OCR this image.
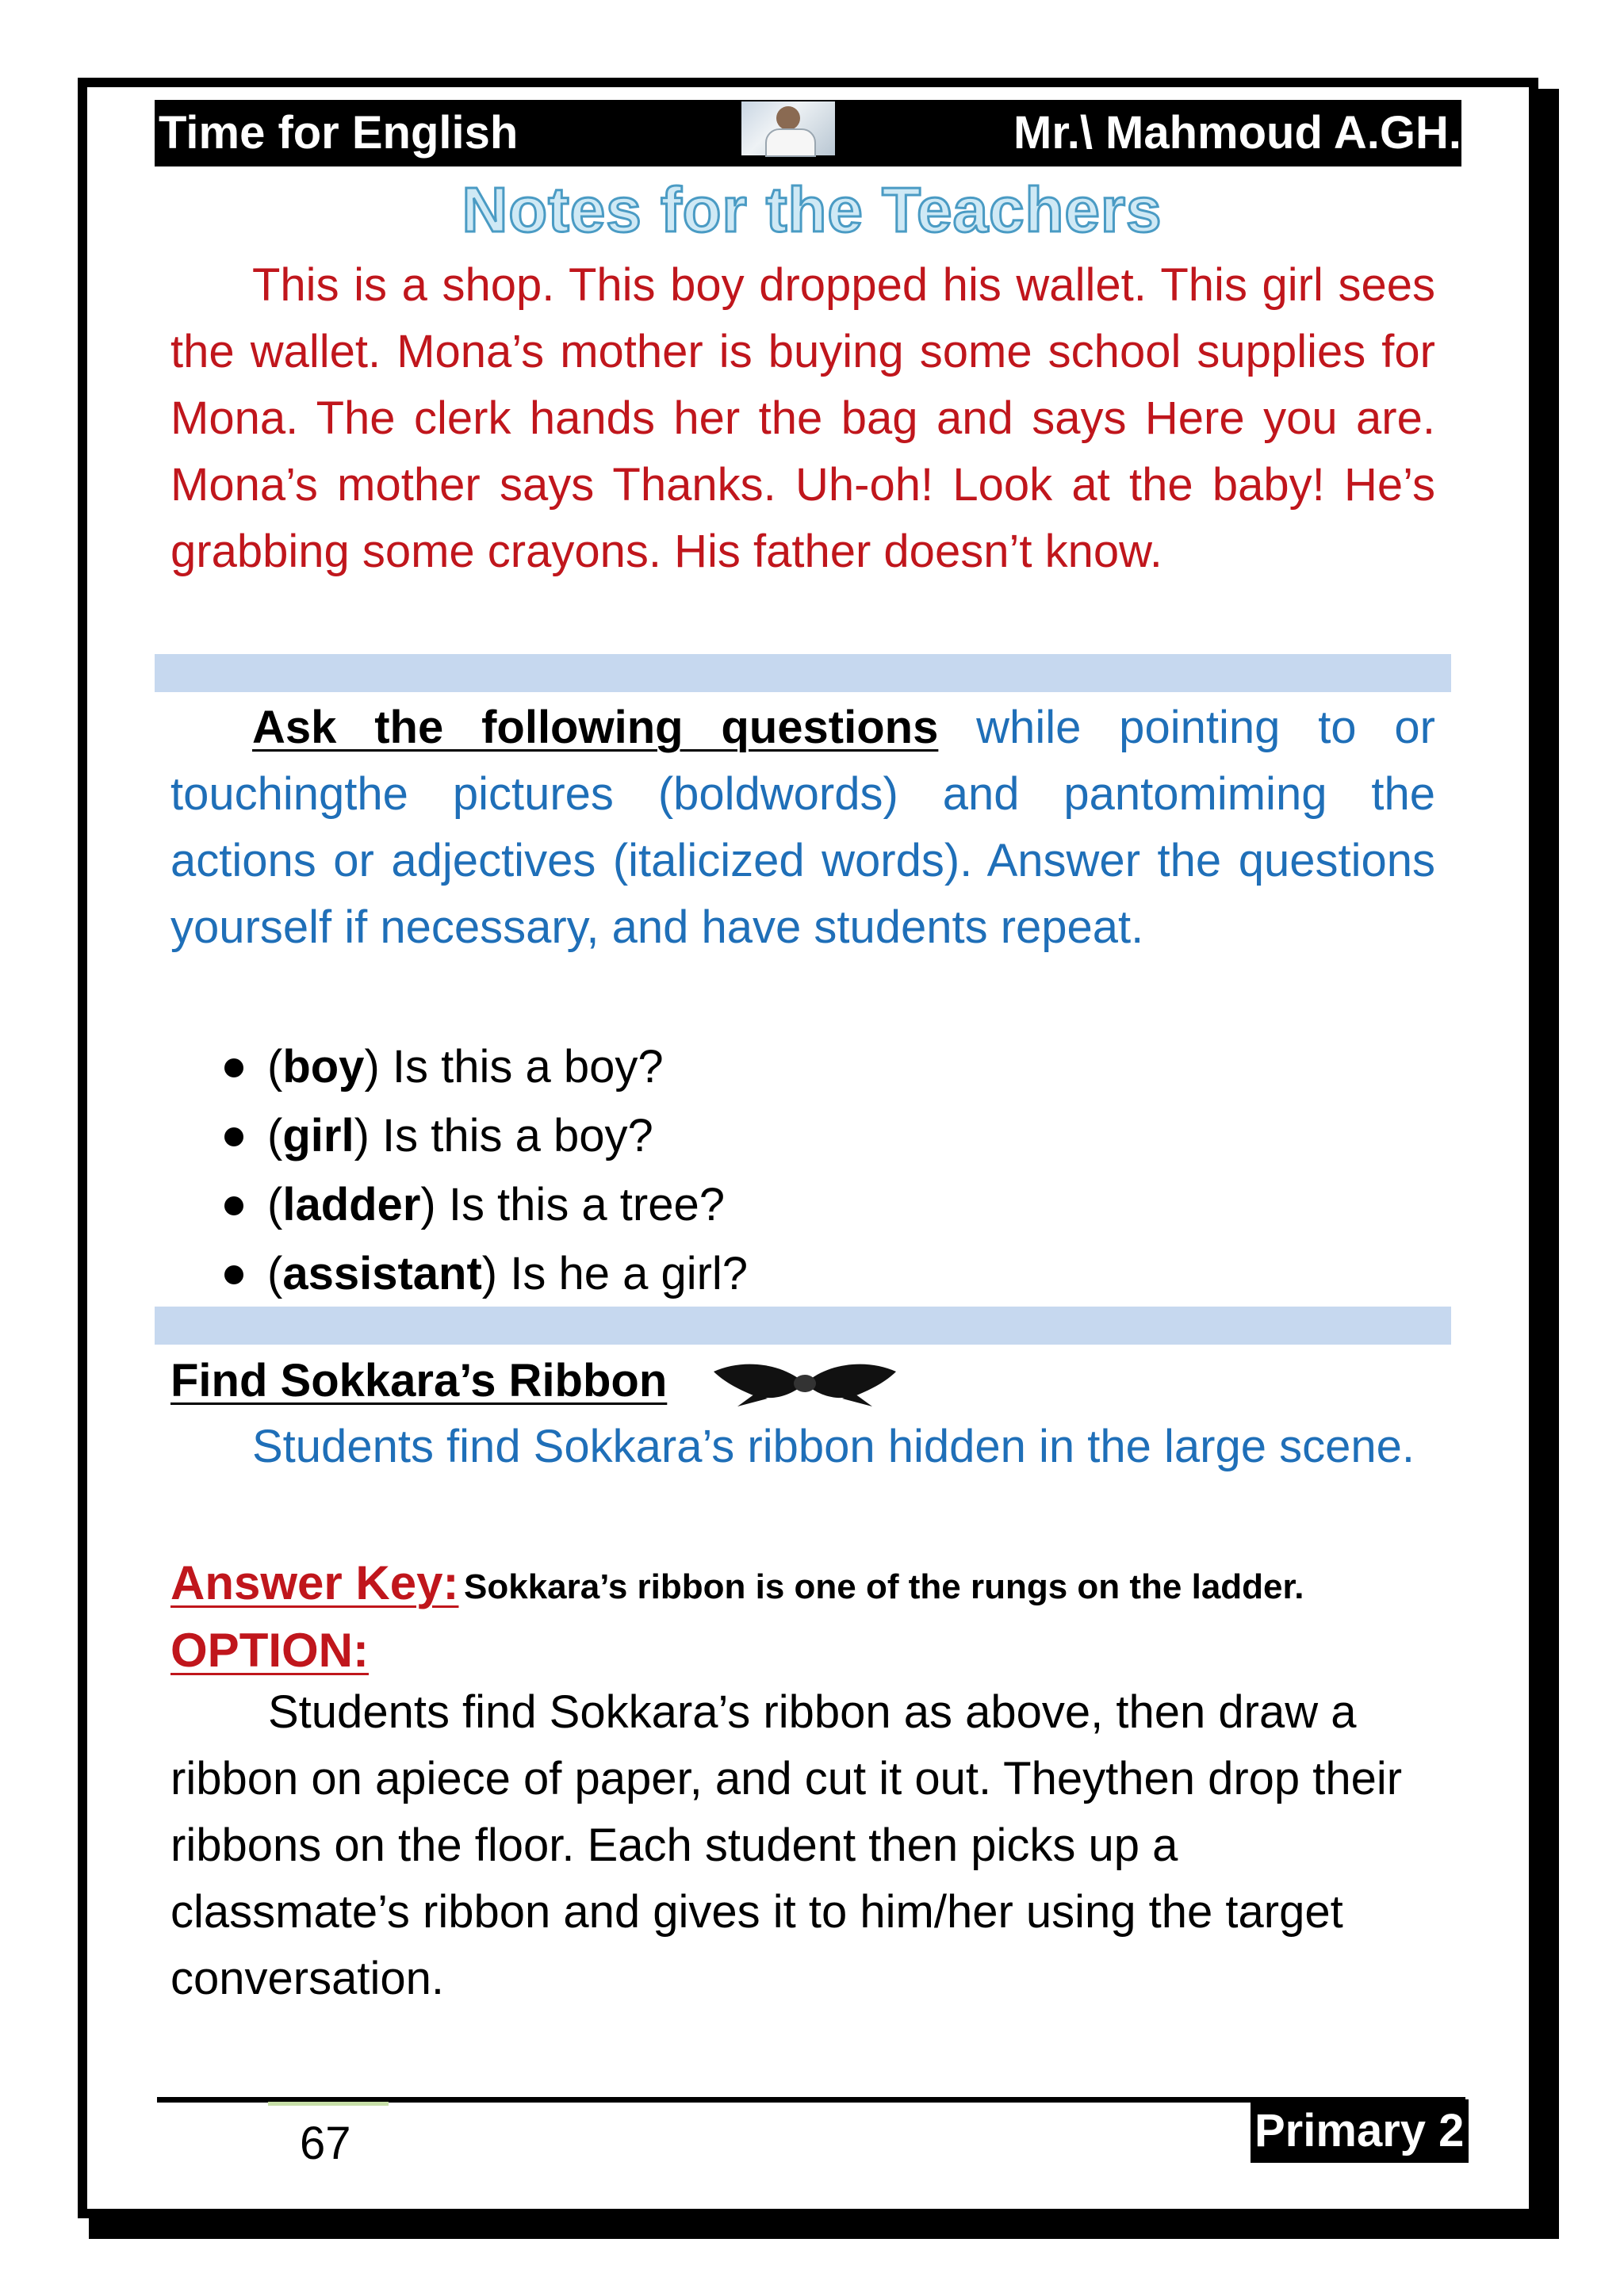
Time for English	Mr.\ Mahmoud A.GH.
Notes for the Teachers

This is a shop. This boy dropped his wallet. This girl sees the wallet. Mona’s mother is buying some school supplies for Mona. The clerk hands her the bag and says Here you are. Mona’s mother says Thanks. Uh-oh! Look at the baby! He’s grabbing some crayons. His father doesn’t know.

Ask the following questions while pointing to or touchingthe pictures (boldwords) and pantomiming the actions or adjectives (italicized words). Answer the questions yourself if necessary, and have students repeat.

(boy) Is this a boy?
(girl) Is this a boy?
(ladder) Is this a tree?
(assistant) Is he a girl?
Find Sokkara’s Ribbon

Students find Sokkara’s ribbon hidden in the large scene.

Answer Key: Sokkara’s ribbon is one of the rungs on the ladder.
OPTION:

Students find Sokkara’s ribbon as above, then draw a ribbon on apiece of paper, and cut it out. Theythen drop their ribbons on the floor. Each student then picks up a classmate’s ribbon and gives it to him/her using the target conversation.

67	Primary 2
